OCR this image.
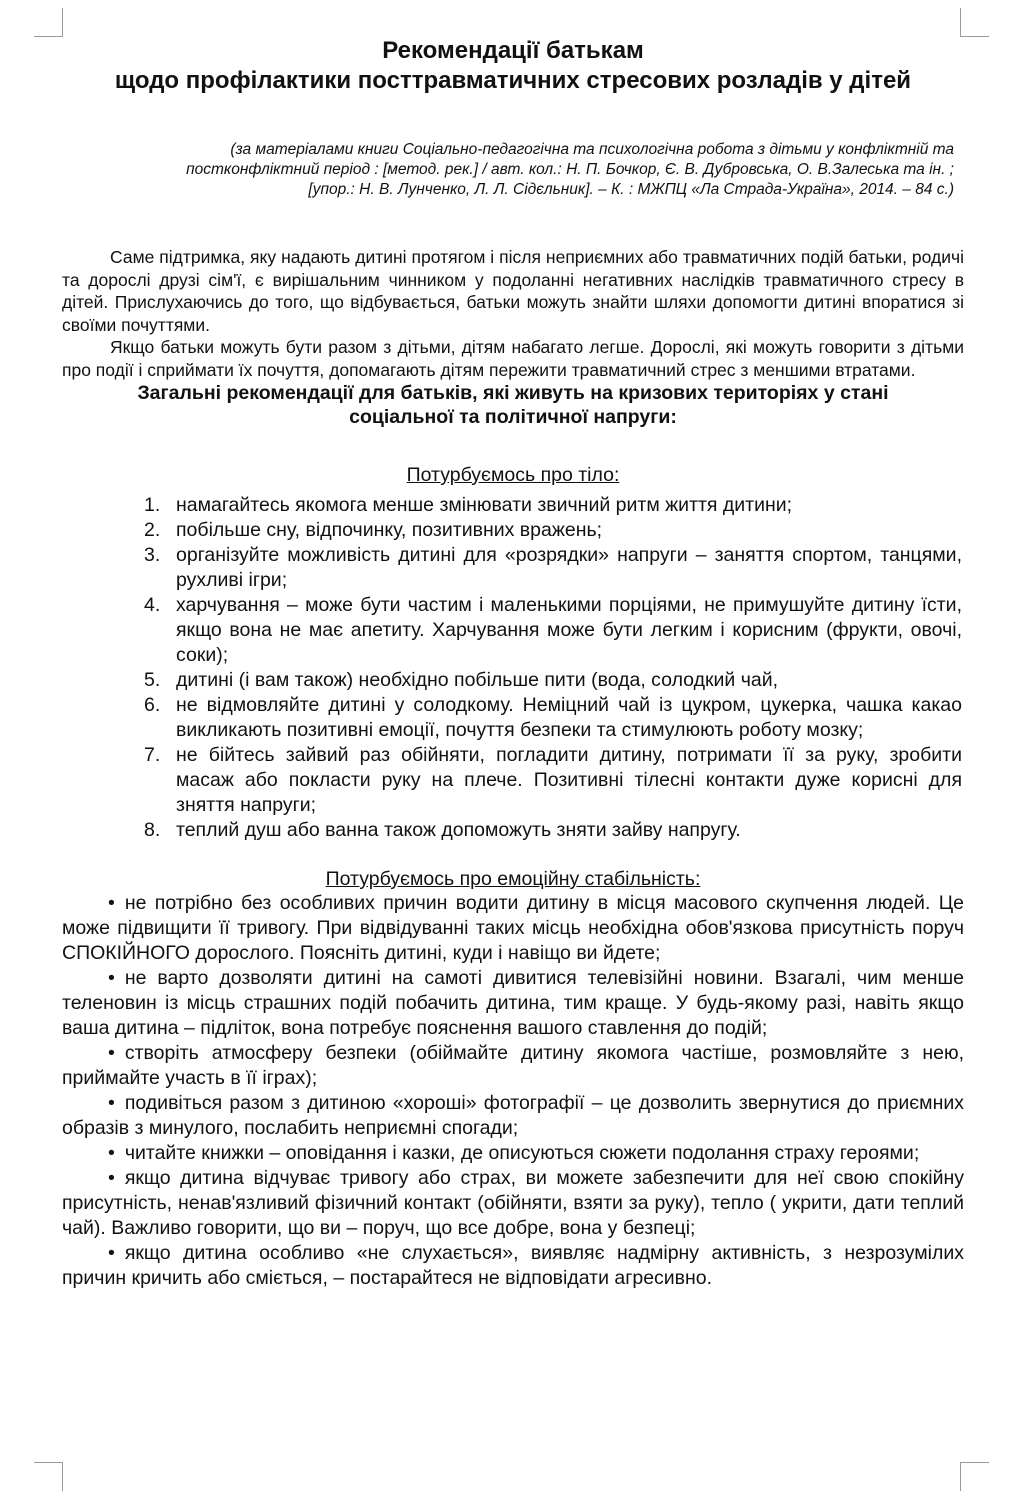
Рекомендації батькам
щодо профілактики посттравматичних стресових розладів у дітей
(за матеріалами книги Соціально-педагогічна та психологічна робота з дітьми у конфліктній та
постконфліктний період : [метод. рек.] / авт. кол.: Н. П. Бочкор, Є. В. Дубровська, О. В.Залеська та ін. ;
[упор.: Н. В. Лунченко, Л. Л. Сідєльник]. – К. : МЖПЦ «Ла Страда-Україна», 2014. – 84 с.)

Саме підтримка, яку надають дитині протягом і після неприємних або травматичних подій батьки, родичі та дорослі друзі сім'ї, є вирішальним чинником у подоланні негативних наслідків травматичного стресу в дітей. Прислухаючись до того, що відбувається, батьки можуть знайти шляхи допомогти дитині впоратися зі своїми почуттями.

Якщо батьки можуть бути разом з дітьми, дітям набагато легше. Дорослі, які можуть говорити з дітьми про події і сприймати їх почуття, допомагають дітям пережити травматичний стрес з меншими втратами.

Загальні рекомендації для батьків, які живуть на кризових територіях у стані
соціальної та політичної напруги:
Потурбуємось про тіло:
1. намагайтесь якомога менше змінювати звичний ритм життя дитини;
2. побільше сну, відпочинку, позитивних вражень;
3. організуйте можливість дитині для «розрядки» напруги – заняття спортом, танцями, рухливі ігри;
4. харчування – може бути частим і маленькими порціями, не примушуйте дитину їсти, якщо вона не має апетиту. Харчування може бути легким і корисним (фрукти, овочі, соки);
5. дитині (і вам також) необхідно побільше пити (вода, солодкий чай,
6. не відмовляйте дитині у солодкому. Неміцний чай із цукром, цукерка, чашка какао викликають позитивні емоції, почуття безпеки та стимулюють роботу мозку;
7. не бійтесь зайвий раз обійняти, погладити дитину, потримати її за руку, зробити масаж або покласти руку на плече. Позитивні тілесні контакти дуже корисні для зняття напруги;
8. теплий душ або ванна також допоможуть зняти зайву напругу.
Потурбуємось про емоційну стабільність:

• не потрібно без особливих причин водити дитину в місця масового скупчення людей. Це може підвищити її тривогу. При відвідуванні таких місць необхідна обов'язкова присутність поруч СПОКІЙНОГО дорослого. Поясніть дитині, куди і навіщо ви йдете;

• не варто дозволяти дитині на самоті дивитися телевізійні новини. Взагалі, чим менше теленовин із місць страшних подій побачить дитина, тим краще. У будь-якому разі, навіть якщо ваша дитина – підліток, вона потребує пояснення вашого ставлення до подій;

• створіть атмосферу безпеки (обіймайте дитину якомога частіше, розмовляйте з нею, приймайте участь в її іграх);

• подивіться разом з дитиною «хороші» фотографії – це дозволить звернутися до приємних образів з минулого, послабить неприємні спогади;

• читайте книжки – оповідання і казки, де описуються сюжети подолання страху героями;

• якщо дитина відчуває тривогу або страх, ви можете забезпечити для неї свою спокійну присутність, ненав'язливий фізичний контакт (обійняти, взяти за руку), тепло ( укрити, дати теплий чай). Важливо говорити, що ви – поруч, що все добре, вона у безпеці;

• якщо дитина особливо «не слухається», виявляє надмірну активність, з незрозумілих причин кричить або сміється, – постарайтеся не відповідати агресивно.
